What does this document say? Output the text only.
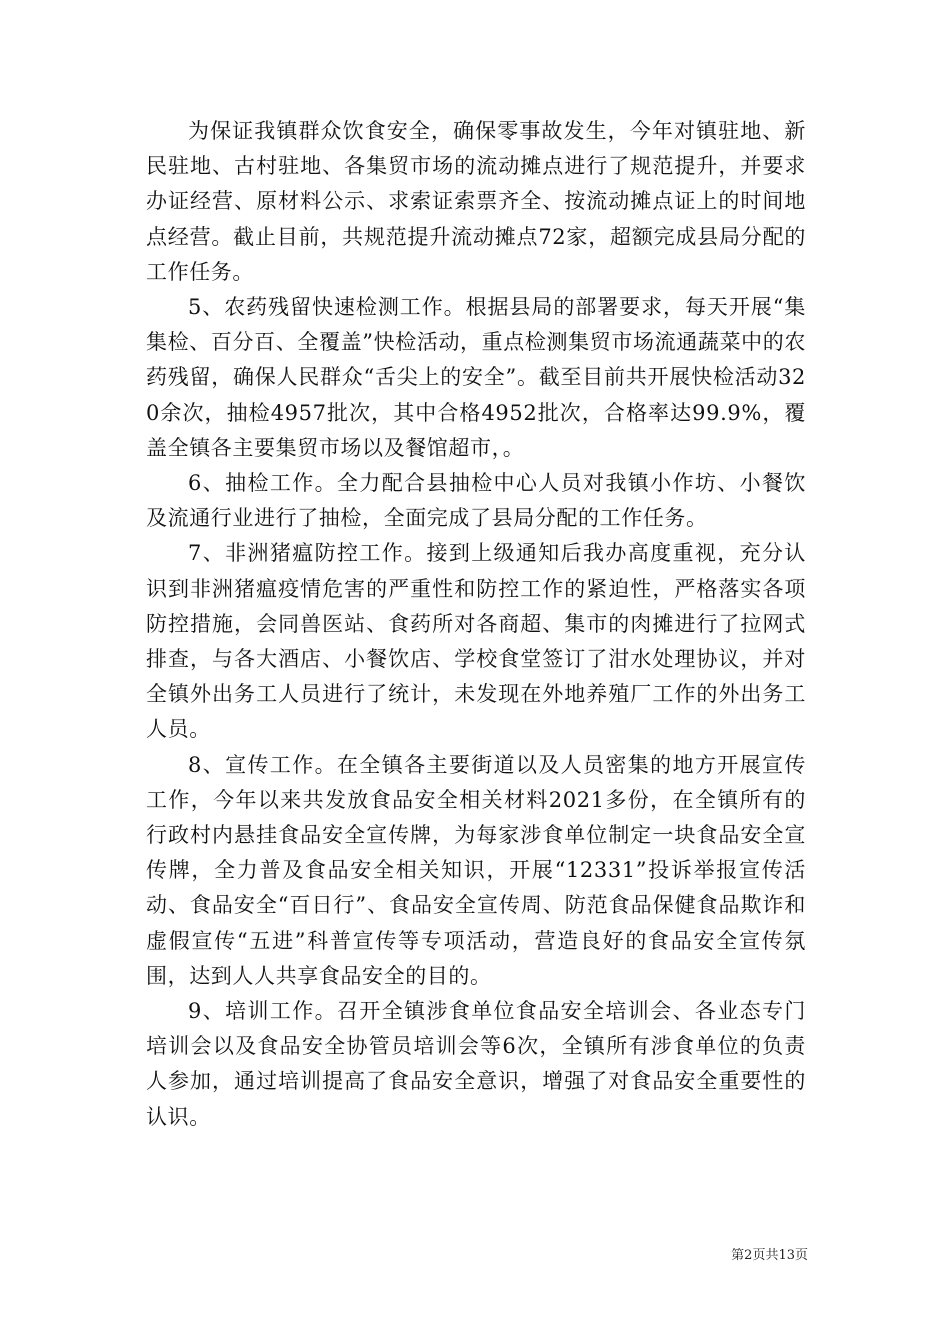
为保证我镇群众饮食安全，确保零事故发生，今年对镇驻地、新民驻地、古村驻地、各集贸市场的流动摊点进行了规范提升，并要求办证经营、原材料公示、求索证索票齐全、按流动摊点证上的时间地点经营。截止目前，共规范提升流动摊点72家，超额完成县局分配的工作任务。

5、农药残留快速检测工作。根据县局的部署要求，每天开展“集集检、百分百、全覆盖”快检活动，重点检测集贸市场流通蔬菜中的农药残留，确保人民群众“舌尖上的安全”。截至目前共开展快检活动320余次，抽检4957批次，其中合格4952批次，合格率达99.9%，覆盖全镇各主要集贸市场以及餐馆超市，。

6、抽检工作。全力配合县抽检中心人员对我镇小作坊、小餐饮及流通行业进行了抽检，全面完成了县局分配的工作任务。

7、非洲猪瘟防控工作。接到上级通知后我办高度重视，充分认识到非洲猪瘟疫情危害的严重性和防控工作的紧迫性，严格落实各项防控措施，会同兽医站、食药所对各商超、集市的肉摊进行了拉网式排查，与各大酒店、小餐饮店、学校食堂签订了泔水处理协议，并对全镇外出务工人员进行了统计，未发现在外地养殖厂工作的外出务工人员。

8、宣传工作。在全镇各主要街道以及人员密集的地方开展宣传工作，今年以来共发放食品安全相关材料2021多份，在全镇所有的行政村内悬挂食品安全宣传牌，为每家涉食单位制定一块食品安全宣传牌，全力普及食品安全相关知识，开展“12331”投诉举报宣传活动、食品安全“百日行”、食品安全宣传周、防范食品保健食品欺诈和虚假宣传“五进”科普宣传等专项活动，营造良好的食品安全宣传氛围，达到人人共享食品安全的目的。

9、培训工作。召开全镇涉食单位食品安全培训会、各业态专门培训会以及食品安全协管员培训会等6次，全镇所有涉食单位的负责人参加，通过培训提高了食品安全意识，增强了对食品安全重要性的认识。

第2页共13页
